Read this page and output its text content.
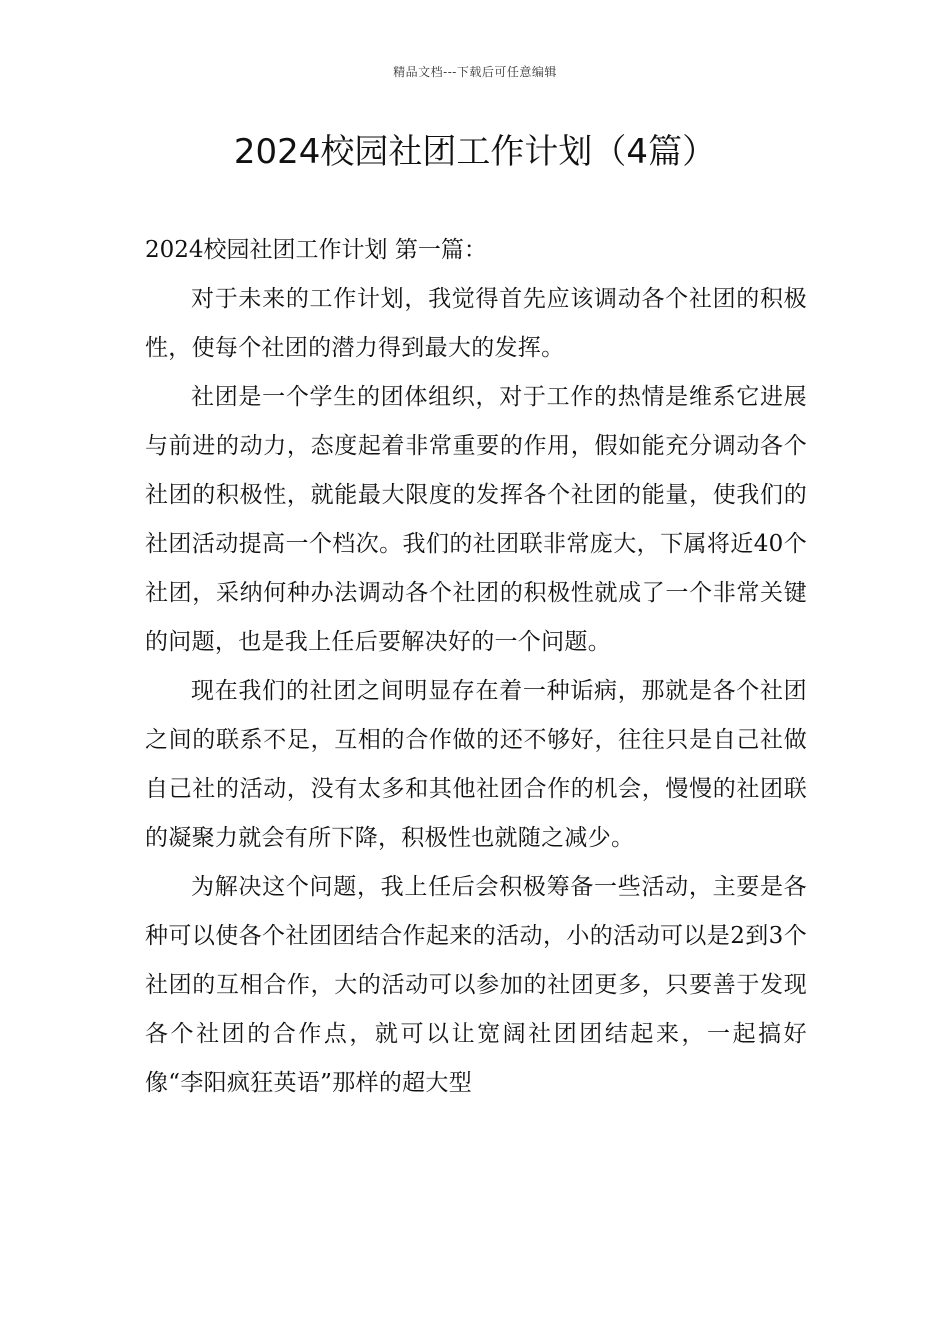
精品文档---下载后可任意编辑
2024校园社团工作计划（4篇）

2024校园社团工作计划 第一篇：

对于未来的工作计划，我觉得首先应该调动各个社团的积极性，使每个社团的潜力得到最大的发挥。

社团是一个学生的团体组织，对于工作的热情是维系它进展与前进的动力，态度起着非常重要的作用，假如能充分调动各个社团的积极性，就能最大限度的发挥各个社团的能量，使我们的社团活动提高一个档次。我们的社团联非常庞大，下属将近40个社团，采纳何种办法调动各个社团的积极性就成了一个非常关键的问题，也是我上任后要解决好的一个问题。

现在我们的社团之间明显存在着一种诟病，那就是各个社团之间的联系不足，互相的合作做的还不够好，往往只是自己社做自己社的活动，没有太多和其他社团合作的机会，慢慢的社团联的凝聚力就会有所下降，积极性也就随之减少。

为解决这个问题，我上任后会积极筹备一些活动，主要是各种可以使各个社团团结合作起来的活动，小的活动可以是2到3个社团的互相合作，大的活动可以参加的社团更多，只要善于发现各个社团的合作点，就可以让宽阔社团团结起来，一起搞好像“李阳疯狂英语”那样的超大型
